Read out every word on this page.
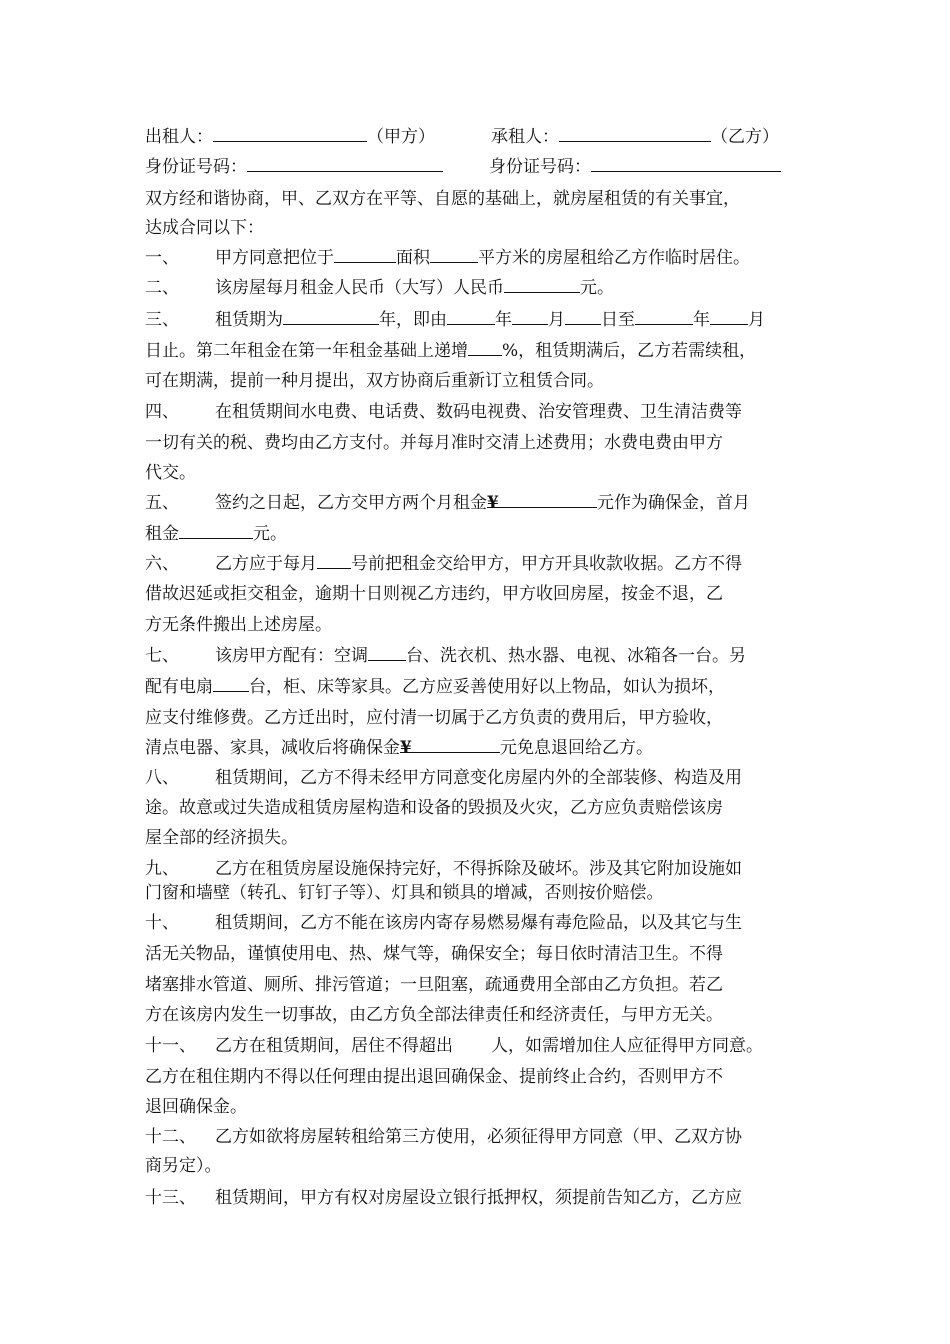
出租人：	（甲方）	承租人：	（乙方）
身份证号码：	身份证号码：
双方经和谐协商，甲、乙双方在平等、自愿的基础上，就房屋租赁的有关事宜，
达成合同以下：
一、 甲方同意把位于	面积	平方米的房屋租给乙方作临时居住。
二、 该房屋每月租金人民币（大写）人民币	元。
三、 租赁期为	年，即由	年 月 日至	年 月
日止。第二年租金在第一年租金基础上递增 %，租赁期满后，乙方若需续租，
可在期满，提前一种月提出，双方协商后重新订立租赁合同。
四、 在租赁期间水电费、电话费、数码电视费、治安管理费、卫生清洁费等
一切有关的税、费均由乙方支付。并每月准时交清上述费用；水费电费由甲方
代交。
五、 签约之日起，乙方交甲方两个月租金¥	元作为确保金，首月
租金	元。
六、 乙方应于每月 号前把租金交给甲方，甲方开具收款收据。乙方不得
借故迟延或拒交租金，逾期十日则视乙方违约，甲方收回房屋，按金不退，乙
方无条件搬出上述房屋。
七、 该房甲方配有：空调 台、洗衣机、热水器、电视、冰箱各一台。另
配有电扇 台，柜、床等家具。乙方应妥善使用好以上物品，如认为损坏，
应支付维修费。乙方迁出时，应付清一切属于乙方负责的费用后，甲方验收，
清点电器、家具，减收后将确保金¥	元免息退回给乙方。
八、 租赁期间，乙方不得未经甲方同意变化房屋内外的全部装修、构造及用
途。故意或过失造成租赁房屋构造和设备的毁损及火灾，乙方应负责赔偿该房
屋全部的经济损失。
九、 乙方在租赁房屋设施保持完好，不得拆除及破坏。涉及其它附加设施如
门窗和墙壁（转孔、钉钉子等）、灯具和锁具的增减，否则按价赔偿。
十、 租赁期间，乙方不能在该房内寄存易燃易爆有毒危险品，以及其它与生
活无关物品，谨慎使用电、热、煤气等，确保安全；每日依时清洁卫生。不得
堵塞排水管道、厕所、排污管道；一旦阻塞，疏通费用全部由乙方负担。若乙
方在该房内发生一切事故，由乙方负全部法律责任和经济责任，与甲方无关。
十一、 乙方在租赁期间，居住不得超出 人，如需增加住人应征得甲方同意。
乙方在租住期内不得以任何理由提出退回确保金、提前终止合约，否则甲方不
退回确保金。
十二、 乙方如欲将房屋转租给第三方使用，必须征得甲方同意（甲、乙双方协
商另定）。
十三、 租赁期间，甲方有权对房屋设立银行抵押权，须提前告知乙方，乙方应
